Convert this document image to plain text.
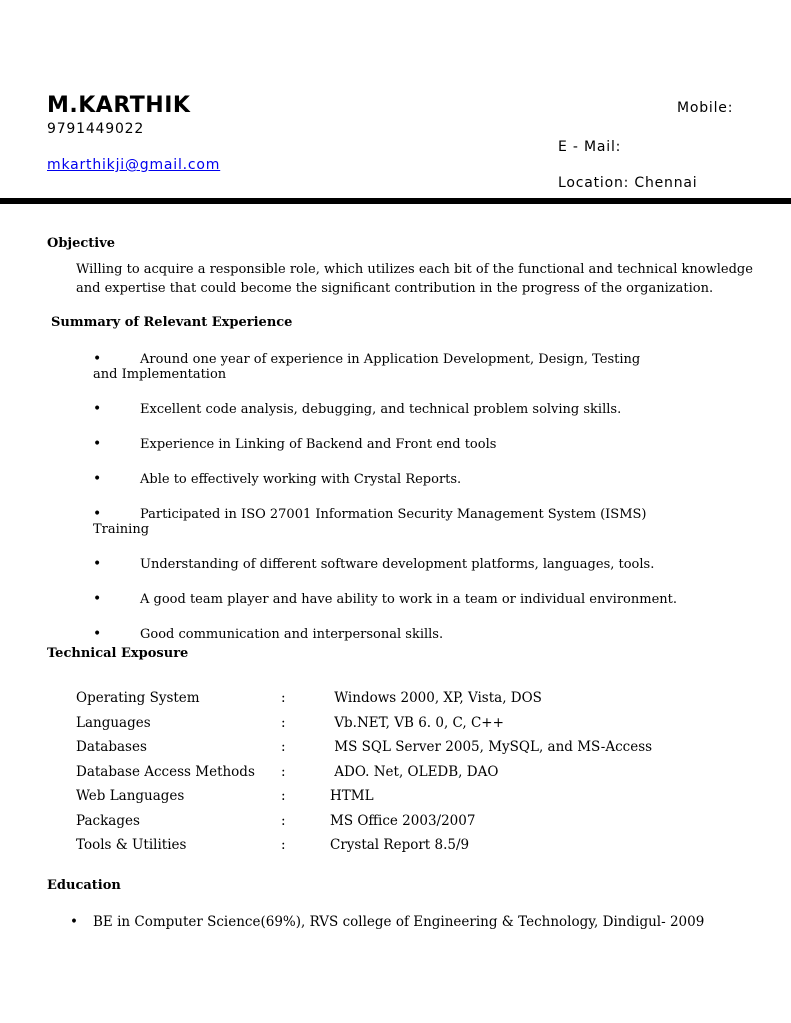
M.KARTHIK	Mobile:
9791449022
E - Mail:
mkarthikji@gmail.com
Location: Chennai
Objective

Willing to acquire a responsible role, which utilizes each bit of the functional and technical knowledge and expertise that could become the significant contribution in the progress of the organization.

Summary of Relevant Experience
•	Around one year of experience in Application Development, Design, Testing and Implementation
•	Excellent code analysis, debugging, and technical problem solving skills.
•	Experience in Linking of Backend and Front end tools
•	Able to effectively working with Crystal Reports.
•	Participated in ISO 27001 Information Security Management System (ISMS) Training
•	Understanding of different software development platforms, languages, tools.
•	A good team player and have ability to work in a team or individual environment.
•	Good communication and interpersonal skills.
Technical Exposure
Operating System	:	Windows 2000, XP, Vista, DOS
Languages	:	Vb.NET, VB 6. 0, C, C++
Databases	:	MS SQL Server 2005, MySQL, and MS-Access
Database Access Methods	:	ADO. Net, OLEDB, DAO
Web Languages	:	HTML
Packages	:	MS Office 2003/2007
Tools & Utilities	:	Crystal Report 8.5/9
Education
• BE in Computer Science(69%), RVS college of Engineering & Technology, Dindigul- 2009
